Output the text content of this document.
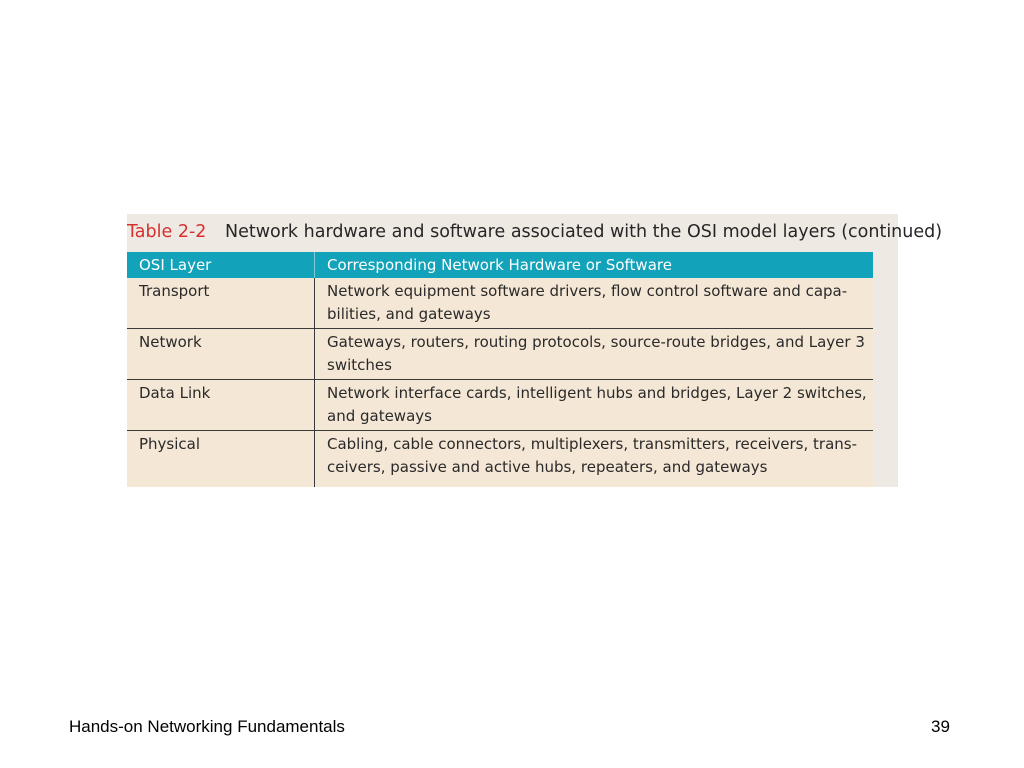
Table 2-2 Network hardware and software associated with the OSI model layers (continued)
OSI Layer	Corresponding Network Hardware or Software
Transport	Network equipment software drivers, flow control software and capa-
bilities, and gateways
Network	Gateways, routers, routing protocols, source-route bridges, and Layer 3
switches
Data Link	Network interface cards, intelligent hubs and bridges, Layer 2 switches,
and gateways
Physical	Cabling, cable connectors, multiplexers, transmitters, receivers, trans-
ceivers, passive and active hubs, repeaters, and gateways
Hands-on Networking Fundamentals	39
